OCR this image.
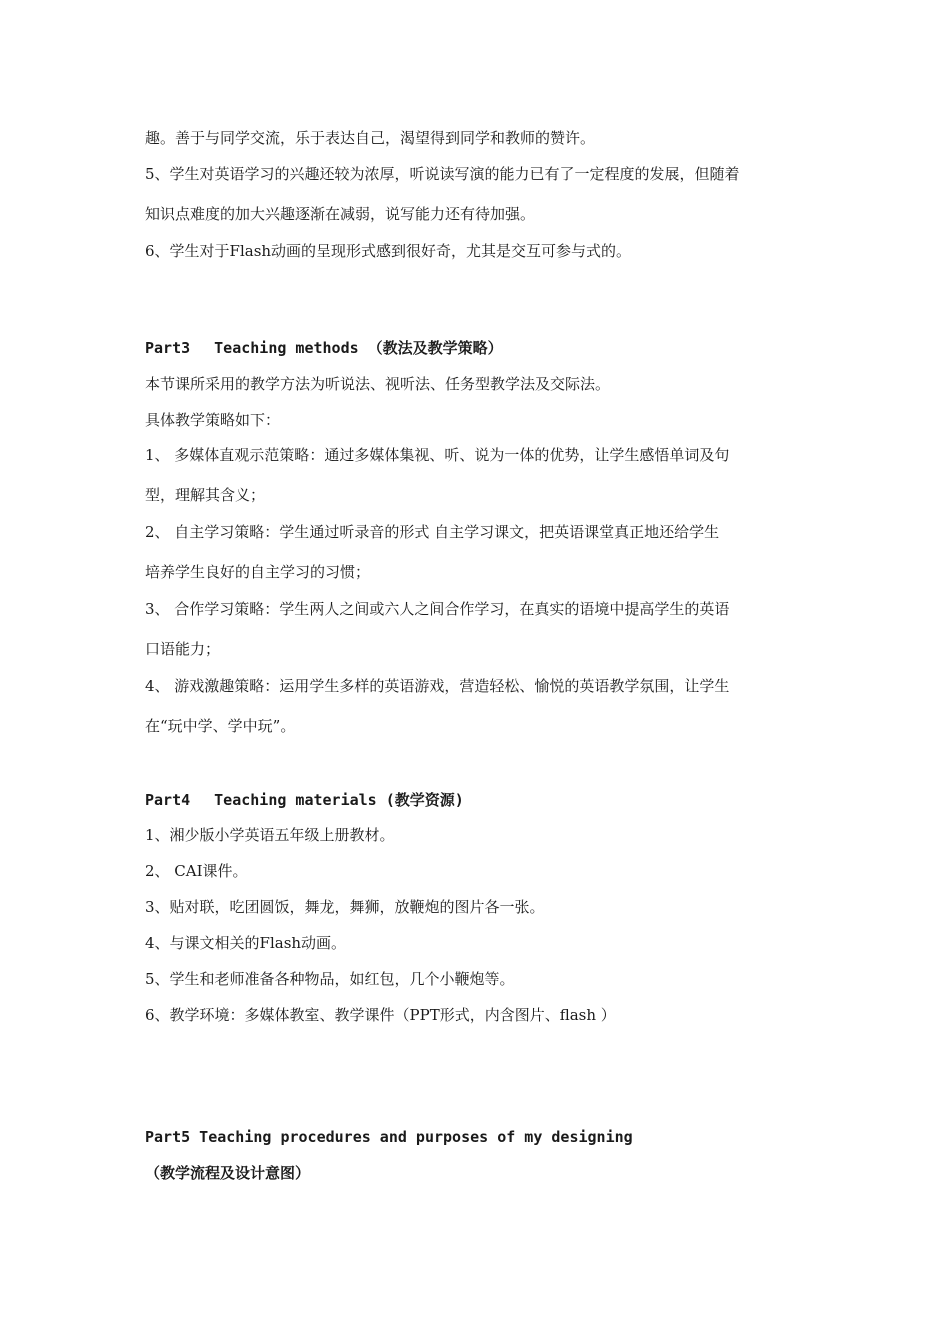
趣。善于与同学交流，乐于表达自己，渴望得到同学和教师的赞许。
5、学生对英语学习的兴趣还较为浓厚，听说读写演的能力已有了一定程度的发展，但随着
知识点难度的加大兴趣逐渐在减弱，说写能力还有待加强。
6、学生对于Flash动画的呈现形式感到很好奇，尤其是交互可参与式的。
Part3 Teaching methods （教法及教学策略）
本节课所采用的教学方法为听说法、视听法、任务型教学法及交际法。
具体教学策略如下：
1、 多媒体直观示范策略：通过多媒体集视、听、说为一体的优势，让学生感悟单词及句
型，理解其含义；
2、 自主学习策略：学生通过听录音的形式 自主学习课文，把英语课堂真正地还给学生
培养学生良好的自主学习的习惯；
3、 合作学习策略：学生两人之间或六人之间合作学习，在真实的语境中提高学生的英语
口语能力；
4、 游戏激趣策略：运用学生多样的英语游戏，营造轻松、愉悦的英语教学氛围，让学生
在“玩中学、学中玩”。
Part4 Teaching materials (教学资源)
1、湘少版小学英语五年级上册教材。
2、 CAI课件。
3、贴对联，吃团圆饭，舞龙，舞狮，放鞭炮的图片各一张。
4、与课文相关的Flash动画。
5、学生和老师准备各种物品，如红包，几个小鞭炮等。
6、教学环境：多媒体教室、教学课件（PPT形式，内含图片、flash ）
Part5 Teaching procedures and purposes of my designing
（教学流程及设计意图）
